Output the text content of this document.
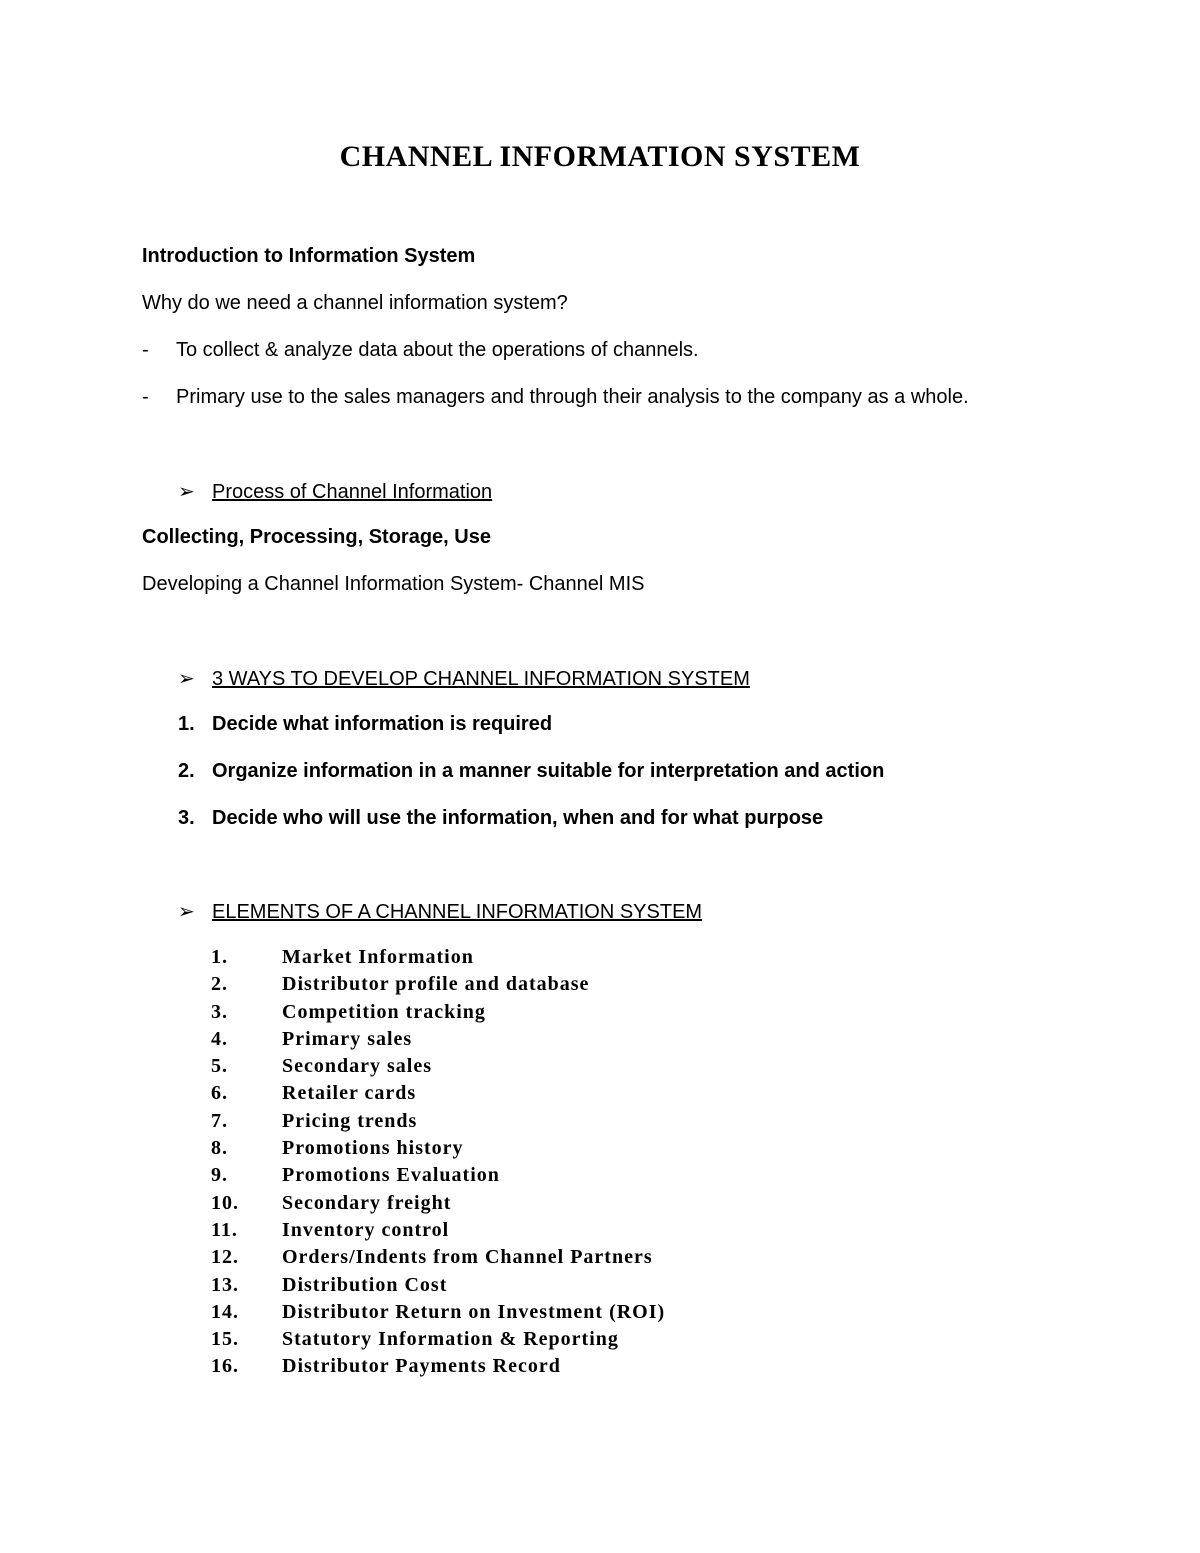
CHANNEL INFORMATION SYSTEM
Introduction to Information System
Why do we need a channel information system?
- To collect & analyze data about the operations of channels.
- Primary use to the sales managers and through their analysis to the company as a whole.
➢ Process of Channel Information
Collecting, Processing, Storage, Use
Developing a Channel Information System- Channel MIS
➢ 3 WAYS TO DEVELOP CHANNEL INFORMATION SYSTEM
1. Decide what information is required
2. Organize information in a manner suitable for interpretation and action
3. Decide who will use the information, when and for what purpose
➢ ELEMENTS OF A CHANNEL INFORMATION SYSTEM
1.	Market Information
2.	Distributor profile and database
3.	Competition tracking
4.	Primary sales
5.	Secondary sales
6.	Retailer cards
7.	Pricing trends
8.	Promotions history
9.	Promotions Evaluation
10. Secondary freight
11. Inventory control
12. Orders/Indents from Channel Partners
13. Distribution Cost
14. Distributor Return on Investment (ROI)
15. Statutory Information & Reporting
16. Distributor Payments Record
